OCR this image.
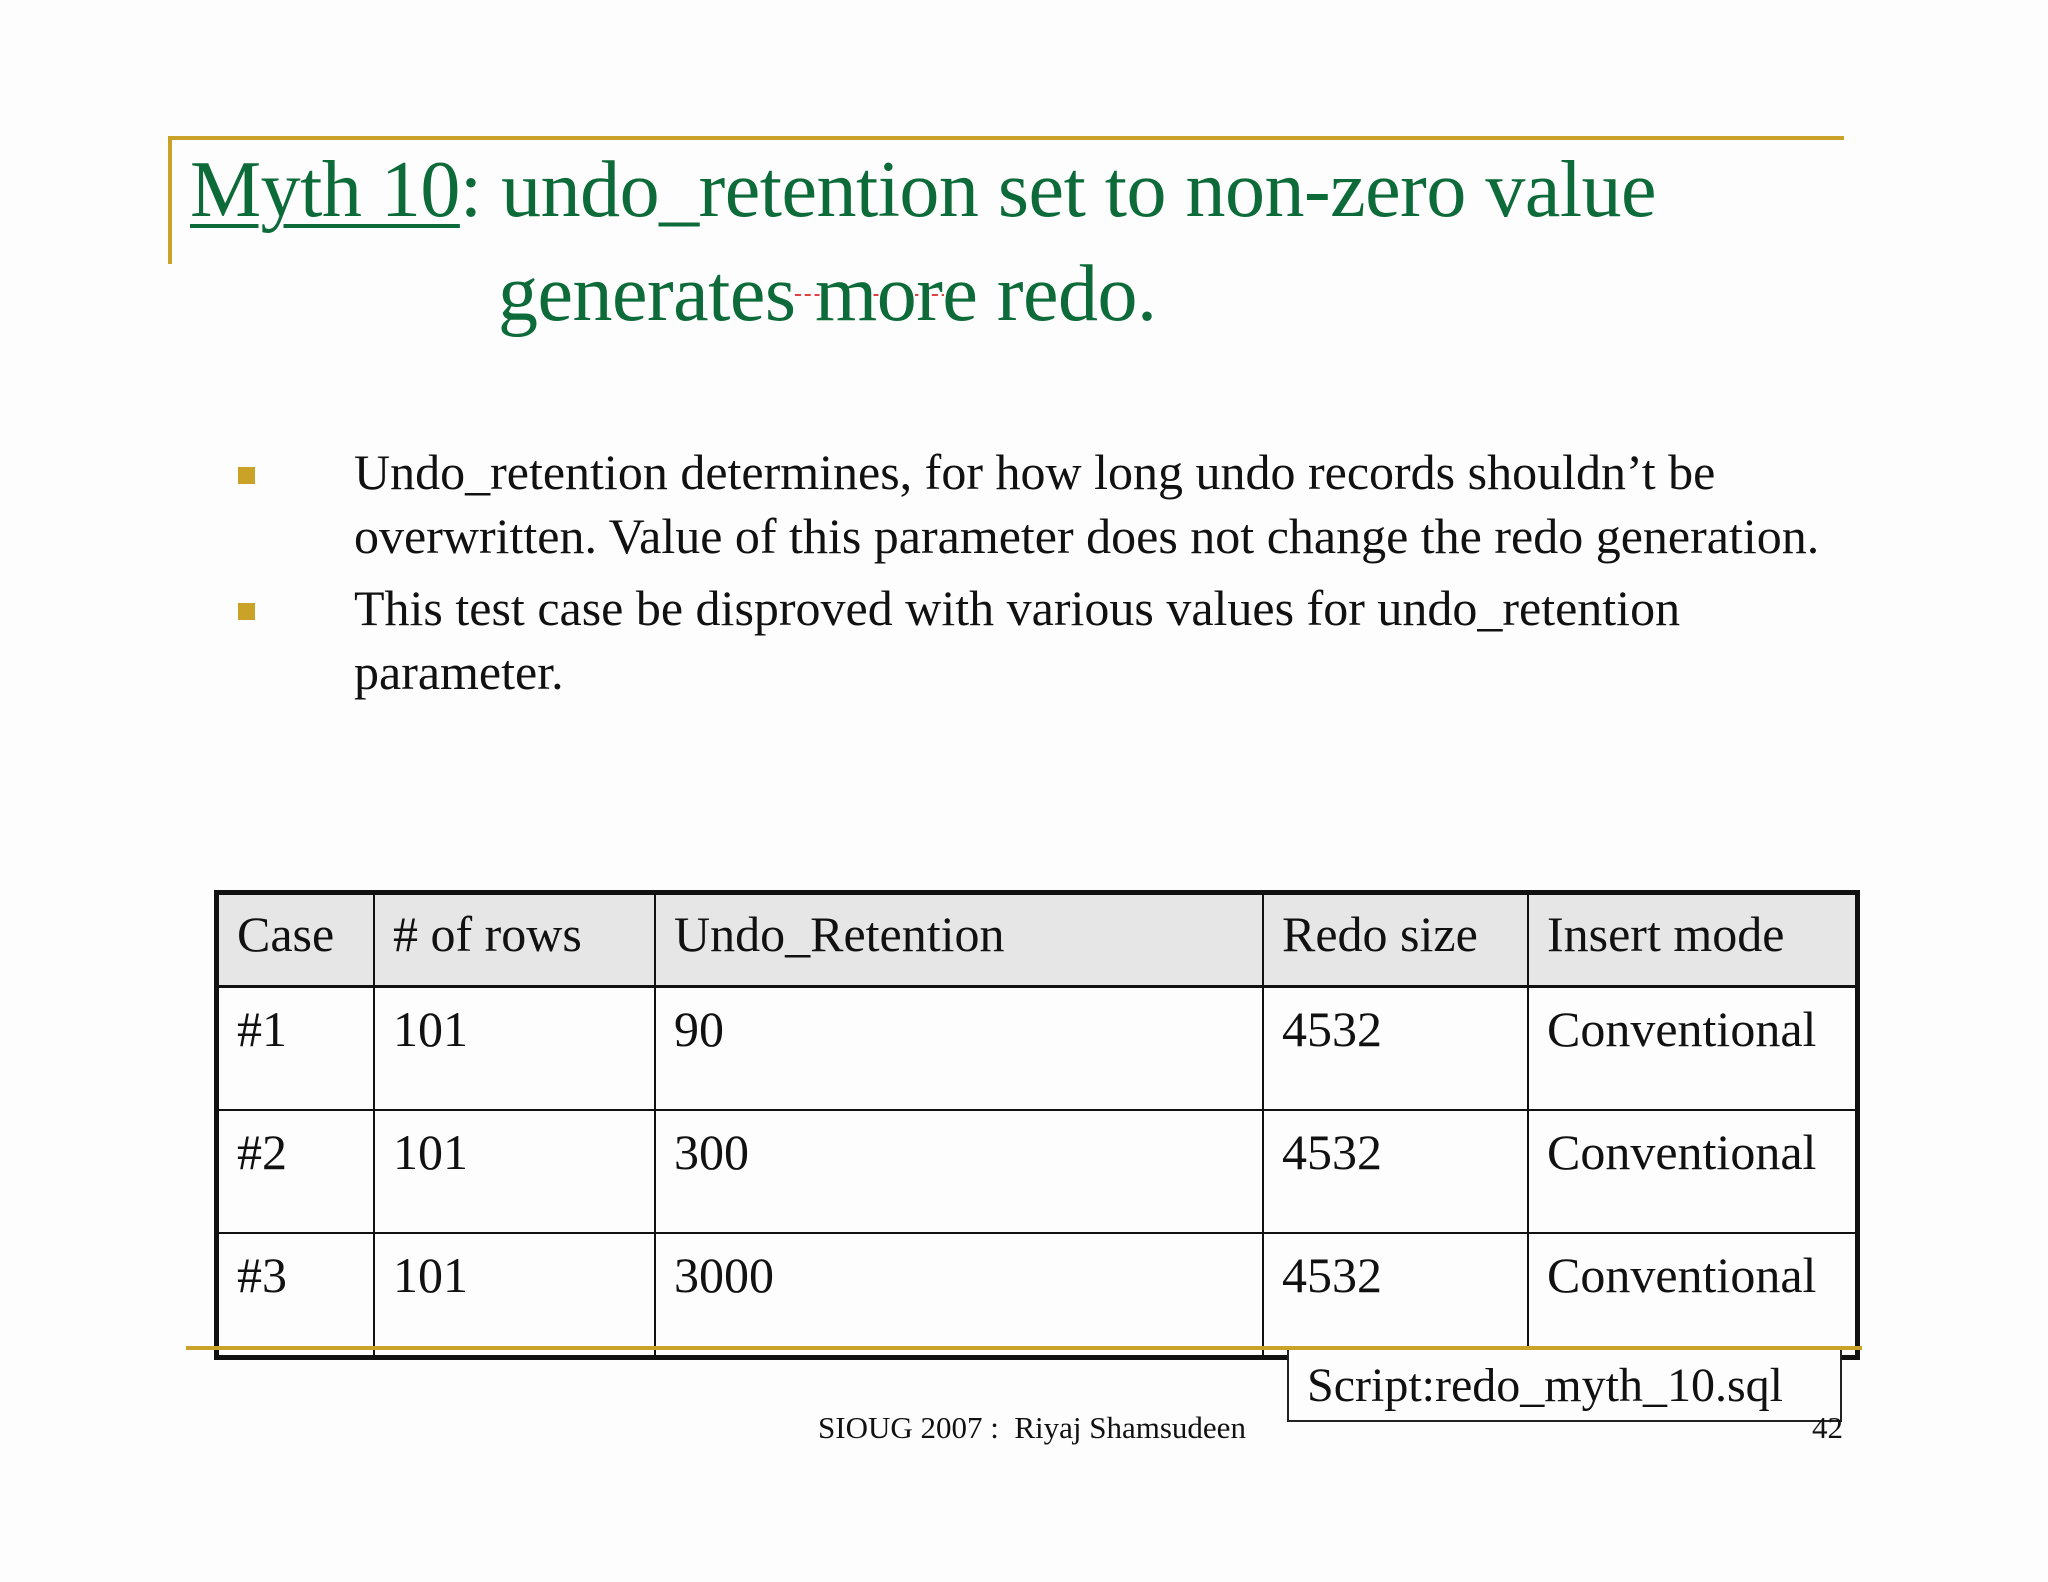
Myth 10: undo_retention set to non-zero value
generates more redo.
Undo_retention determines, for how long undo records shouldn’t be overwritten. Value of this parameter does not change the redo generation.
This test case be disproved with various values for undo_retention parameter.
Case	# of rows	Undo_Retention	Redo size	Insert mode
#1	101	90	4532	Conventional
#2	101	300	4532	Conventional
#3	101	3000	4532	Conventional
Script:redo_myth_10.sql
SIOUG 2007 :  Riyaj Shamsudeen	42
